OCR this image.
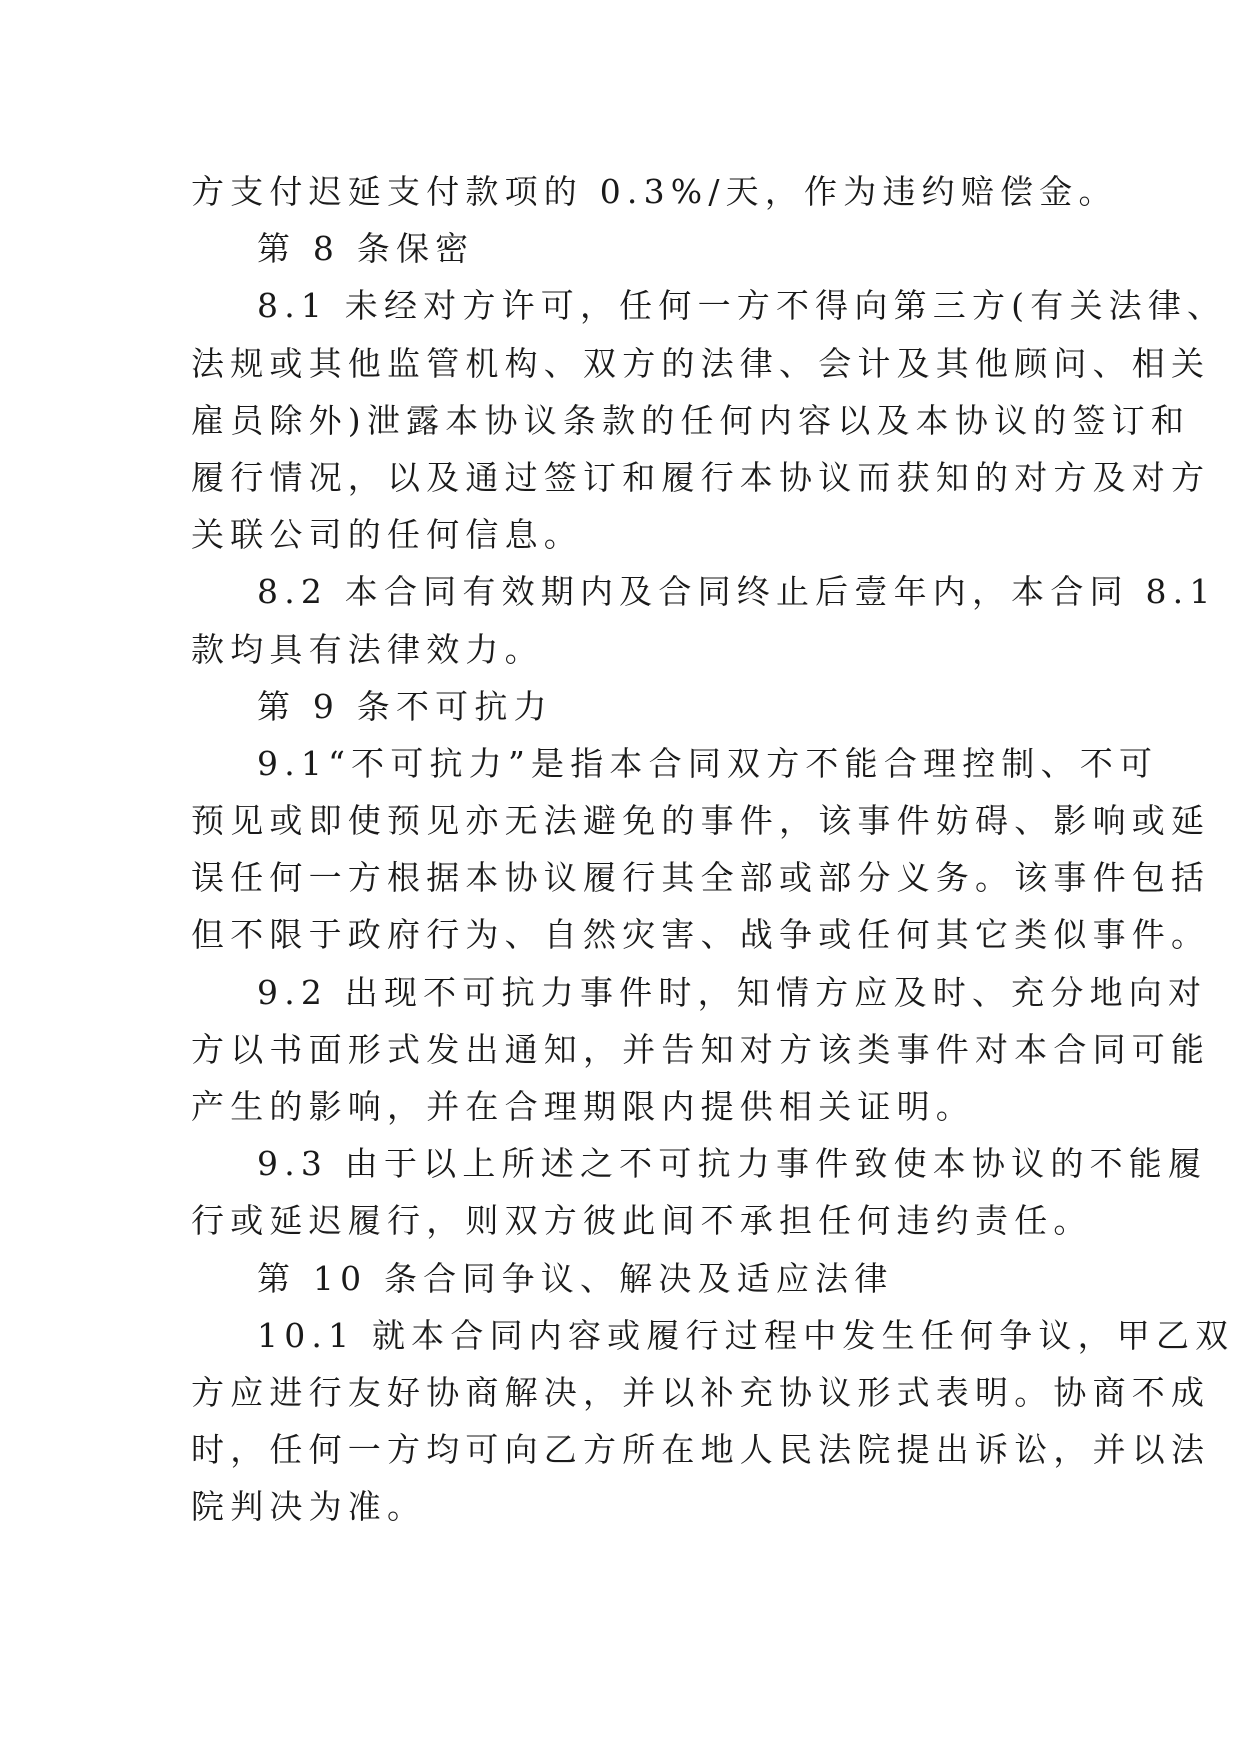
方支付迟延支付款项的 0.3%/天，作为违约赔偿金。
第 8 条保密
8.1 未经对方许可，任何一方不得向第三方(有关法律、
法规或其他监管机构、双方的法律、会计及其他顾问、相关
雇员除外)泄露本协议条款的任何内容以及本协议的签订和
履行情况，以及通过签订和履行本协议而获知的对方及对方
关联公司的任何信息。
8.2 本合同有效期内及合同终止后壹年内，本合同 8.1
款均具有法律效力。
第 9 条不可抗力
9.1“不可抗力”是指本合同双方不能合理控制、不可
预见或即使预见亦无法避免的事件，该事件妨碍、影响或延
误任何一方根据本协议履行其全部或部分义务。该事件包括
但不限于政府行为、自然灾害、战争或任何其它类似事件。
9.2 出现不可抗力事件时，知情方应及时、充分地向对
方以书面形式发出通知，并告知对方该类事件对本合同可能
产生的影响，并在合理期限内提供相关证明。
9.3 由于以上所述之不可抗力事件致使本协议的不能履
行或延迟履行，则双方彼此间不承担任何违约责任。
第 10 条合同争议、解决及适应法律
10.1 就本合同内容或履行过程中发生任何争议，甲乙双
方应进行友好协商解决，并以补充协议形式表明。协商不成
时，任何一方均可向乙方所在地人民法院提出诉讼，并以法
院判决为准。
